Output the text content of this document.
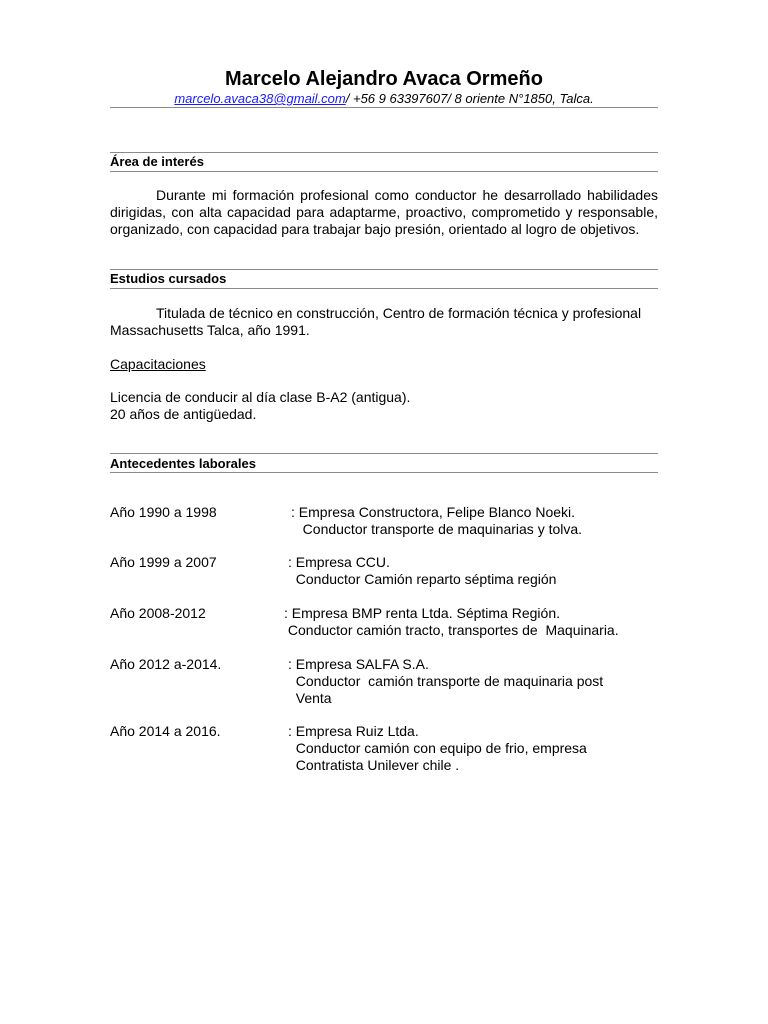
Marcelo Alejandro Avaca Ormeño
marcelo.avaca38@gmail.com/ +56 9 63397607/ 8 oriente N°1850, Talca.
Área de interés
Durante mi formación profesional como conductor he desarrollado habilidades dirigidas, con alta capacidad para adaptarme, proactivo, comprometido y responsable, organizado, con capacidad para trabajar bajo presión, orientado al logro de objetivos.
Estudios cursados
Titulada de técnico en construcción, Centro de formación técnica y profesional Massachusetts Talca, año 1991.
Capacitaciones
Licencia de conducir al día clase B-A2 (antigua).
20 años de antigüedad.
Antecedentes laborales
Año 1990 a 1998	: Empresa Constructora, Felipe Blanco Noeki.
Conductor transporte de maquinarias y tolva.
Año 1999 a 2007	: Empresa CCU.
Conductor Camión reparto séptima región
Año 2008-2012	: Empresa BMP renta Ltda. Séptima Región.
Conductor camión tracto, transportes de  Maquinaria.
Año 2012 a-2014.	: Empresa SALFA S.A.
Conductor  camión transporte de maquinaria post
Venta
Año 2014 a 2016.	: Empresa Ruiz Ltda.
Conductor camión con equipo de frio, empresa
Contratista Unilever chile .
